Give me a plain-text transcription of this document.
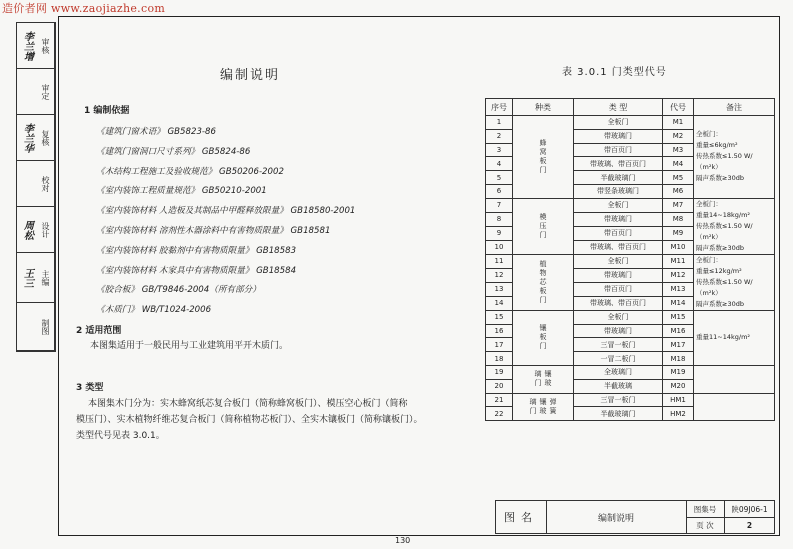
造价者网 www.zaojiazhe.com
李兰增	审核
审定
李兰华	复核
校对
周松	设计
王三	主编
制图
编制说明	表 3.0.1 门类型代号
1 编制依据
《建筑门窗术语》 GB5823-86
《建筑门窗洞口尺寸系列》 GB5824-86
《木结构工程施工及验收规范》 GB50206-2002
《室内装饰工程质量规范》 GB50210-2001
《室内装饰材料 人造板及其制品中甲醛释放限量》 GB18580-2001
《室内装饰材料 溶剂性木器涂料中有害物质限量》 GB18581
《室内装饰材料 胶黏剂中有害物质限量》 GB18583
《室内装饰材料 木家具中有害物质限量》 GB18584
《胶合板》 GB/T9846-2004（所有部分）
《木质门》 WB/T1024-2006
2 适用范围
本图集适用于一般民用与工业建筑用平开木质门。
3 类型
本图集木门分为：实木蜂窝纸芯复合板门（简称蜂窝板门）、模压空心板门（简称
模压门）、实木植物纤维芯复合板门（简称植物芯板门）、全实木镶板门（简称镶板门）。
类型代号见表 3.0.1。
序号	种类	类 型	代号	备注
1	蜂窝板门	全板门	M1	全板门：
重量≤6kg/m²
传热系数≤1.50 W/（m²k）
隔声系数≥30db

2		带玻璃门	M2	
3		带百页门	M3	
4		带玻璃、带百页门	M4	
5		半截玻璃门	M5	
6		带竖条玻璃门	M6	
7	模压门	全板门	M7	全板门：
重量14~18kg/m²
传热系数≤1.50 W/（m²k）
隔声系数≥30db

8		带玻璃门	M8	
9		带百页门	M9	
10		带玻璃、带百页门	M10	
11	植物芯板门	全板门	M11	全板门：
重量≤12kg/m²
传热系数≤1.50 W/（m²k）
隔声系数≥30db

12		带玻璃门	M12	
13		带百页门	M13	
14		带玻璃、带百页门	M14	
15	镶板门	全板门	M15	重量11~14kg/m²

16		带玻璃门	M16	
17		三冒一板门	M17	
18		一冒二板门	M18	
19	镶玻璃门	全玻璃门	M19	
20		半截玻璃	M20	
21	弹簧镶玻璃门	三冒一板门	HM1	
22		半截玻璃门	HM2	
图名	编制说明
图集号	陕09J06-1
页 次	2
130
